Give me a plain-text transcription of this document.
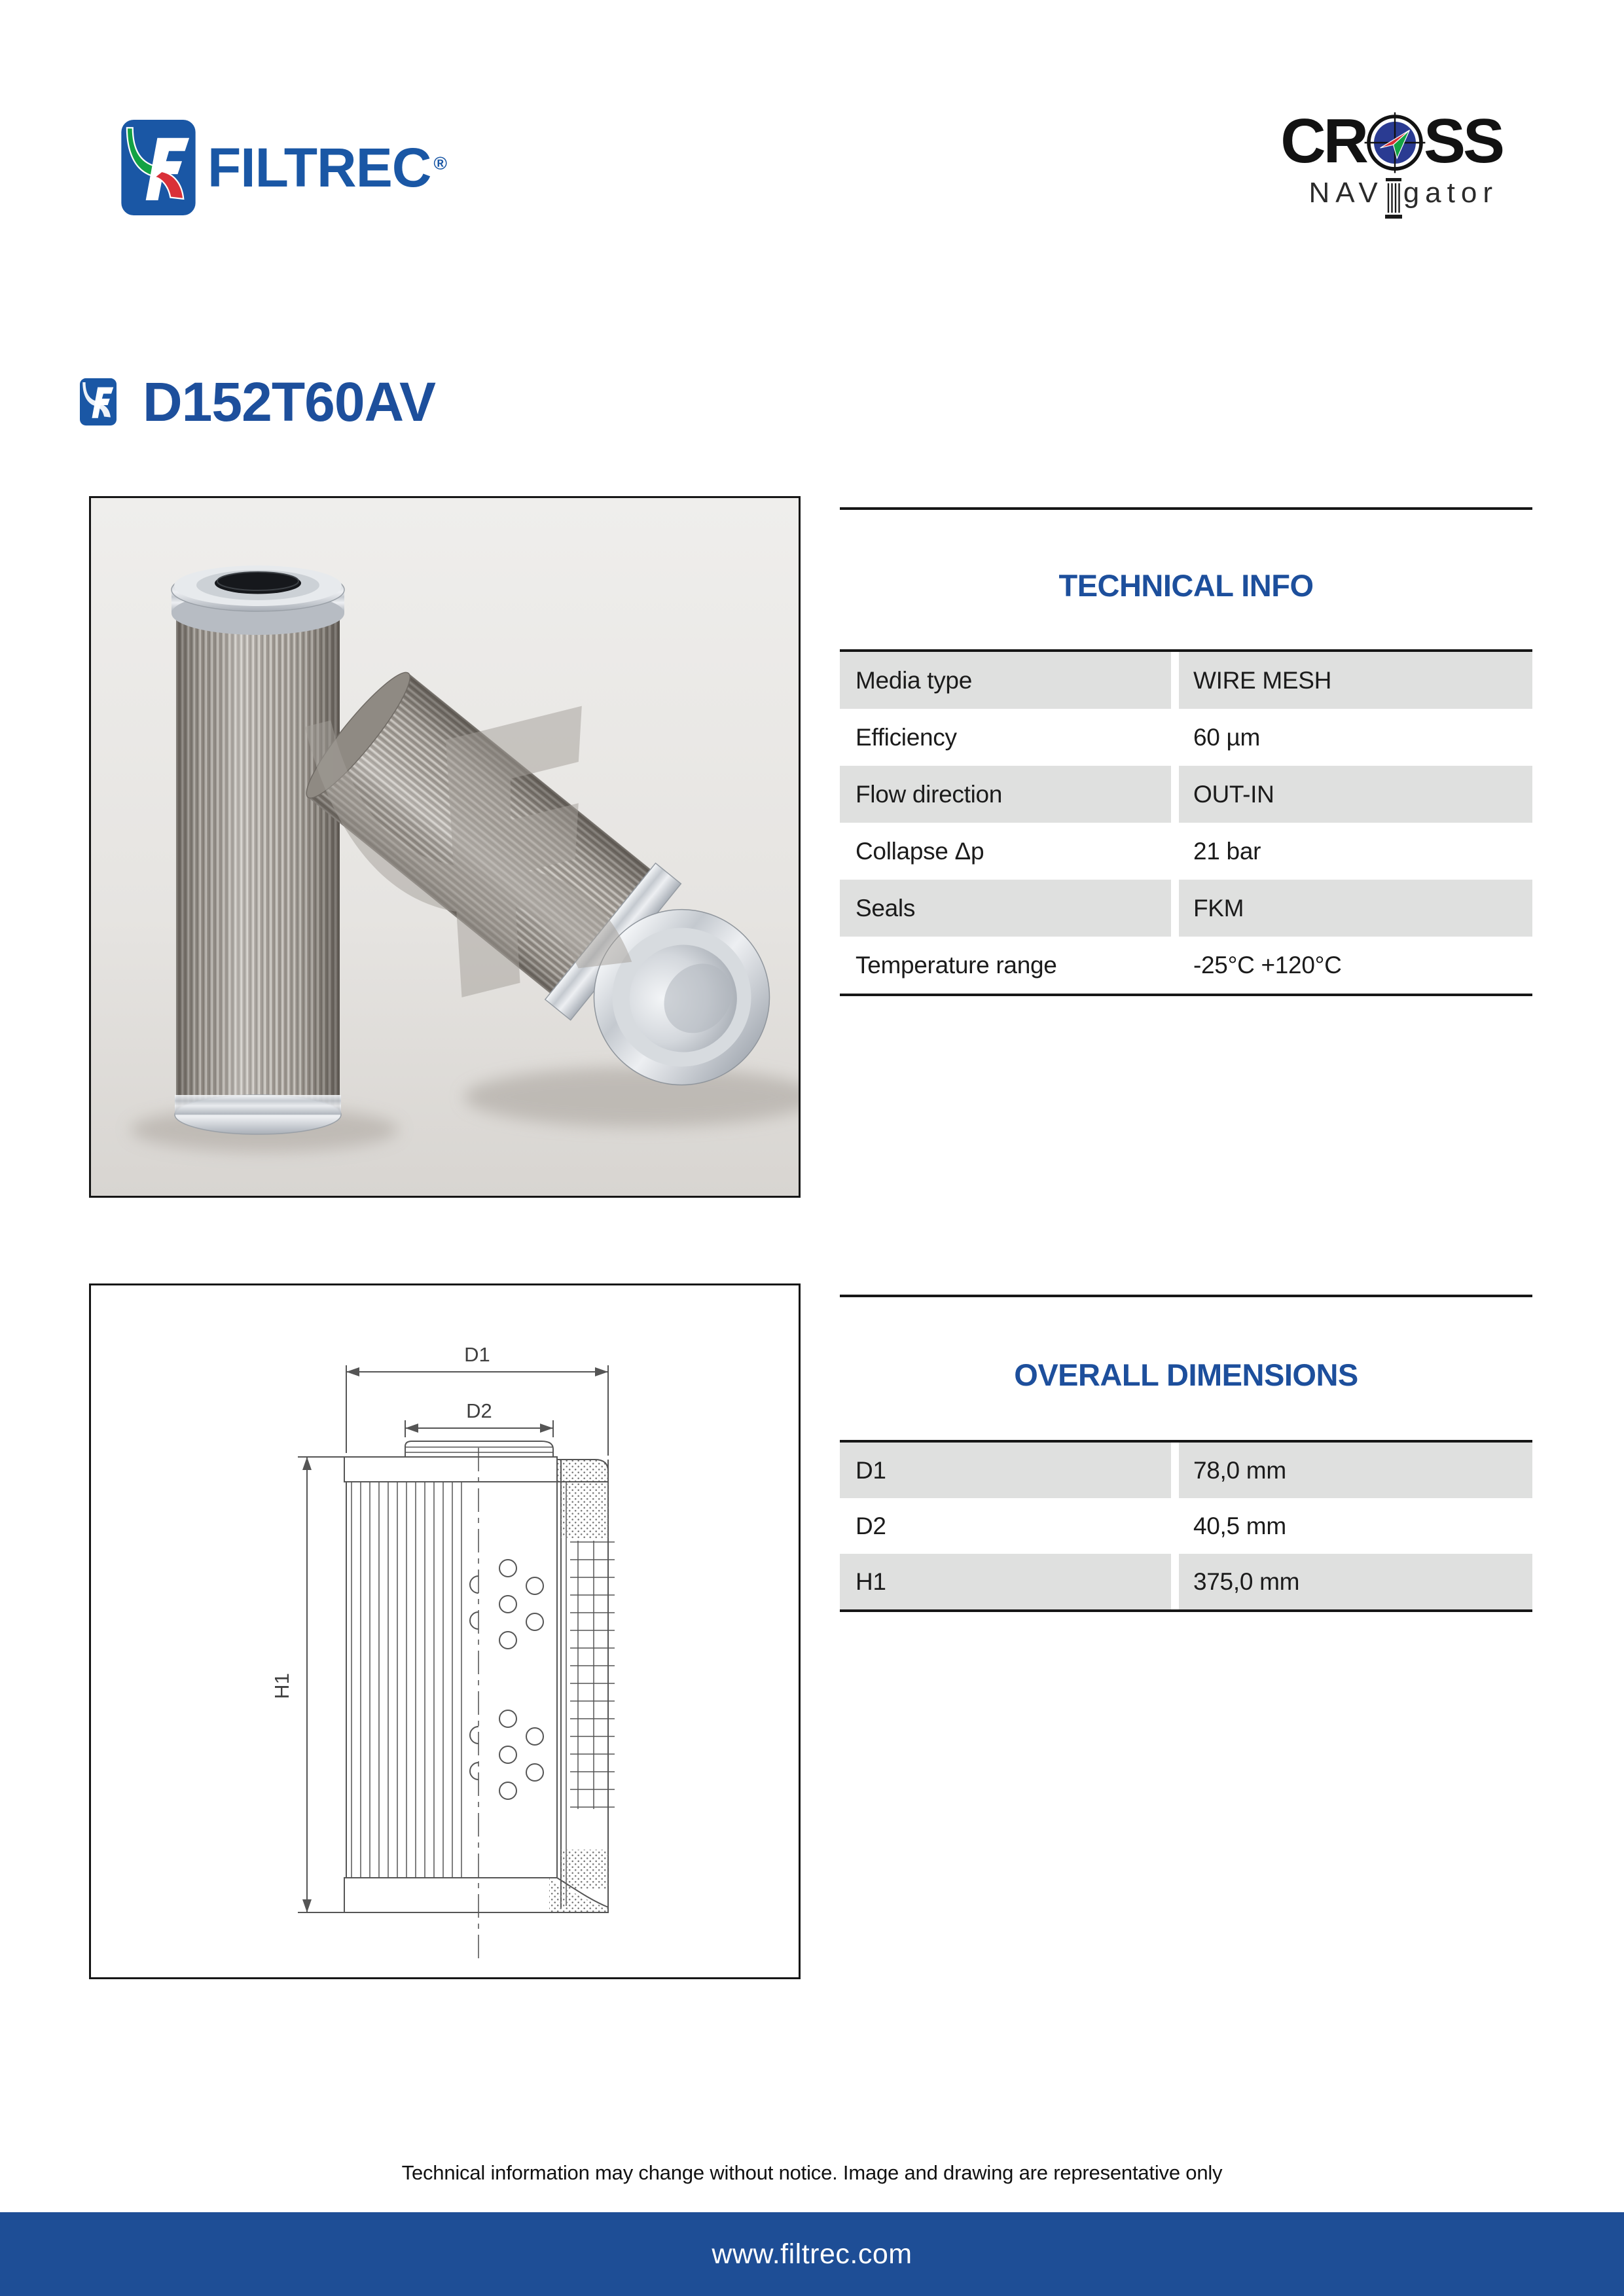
FILTREC ®	CR SS
NAV gator
D152T60AV
TECHNICAL INFO
Media type	WIRE MESH
Efficiency	60 µm
Flow direction	OUT-IN
Collapse Δp	21 bar
Seals	FKM
Temperature range	-25°C +120°C
D1
D2
H1
OVERALL DIMENSIONS
D1	78,0 mm
D2	40,5 mm
H1	375,0 mm

Technical information may change without notice. Image and drawing are representative only

www.filtrec.com
